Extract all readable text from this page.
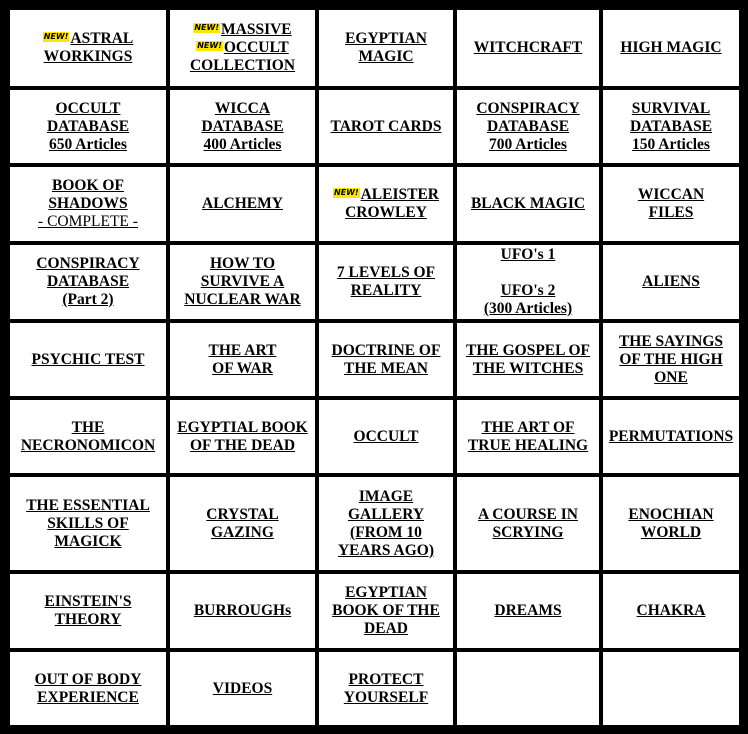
NEW! ASTRAL
WORKINGS
NEW! MASSIVE
NEW! OCCULT
COLLECTION
EGYPTIAN
MAGIC
WITCHCRAFT HIGH MAGIC
OCCULT
DATABASE
650 Articles
WICCA
DATABASE
400 Articles
TAROT CARDS
CONSPIRACY
DATABASE
700 Articles
SURVIVAL
DATABASE
150 Articles
BOOK OF
SHADOWS
- COMPLETE -
ALCHEMY
NEW! ALEISTER
CROWLEY
BLACK MAGIC
WICCAN
FILES
CONSPIRACY
DATABASE
(Part 2)
HOW TO
SURVIVE A
NUCLEAR WAR
7 LEVELS OF
REALITY
UFO's 1
UFO's 2
(300 Articles)
ALIENS
PSYCHIC TEST
THE ART
OF WAR
DOCTRINE OF
THE MEAN
THE GOSPEL OF
THE WITCHES
THE SAYINGS
OF THE HIGH
ONE
THE
NECRONOMICON
EGYPTIAL BOOK
OF THE DEAD
OCCULT
THE ART OF
TRUE HEALING
PERMUTATIONS
THE ESSENTIAL
SKILLS OF
MAGICK
CRYSTAL
GAZING
IMAGE
GALLERY
(FROM 10
YEARS AGO)
A COURSE IN
SCRYING
ENOCHIAN
WORLD
EINSTEIN'S
THEORY
BURROUGHs
EGYPTIAN
BOOK OF THE
DEAD
DREAMS	CHAKRA
OUT OF BODY
EXPERIENCE
VIDEOS
PROTECT
YOURSELF
